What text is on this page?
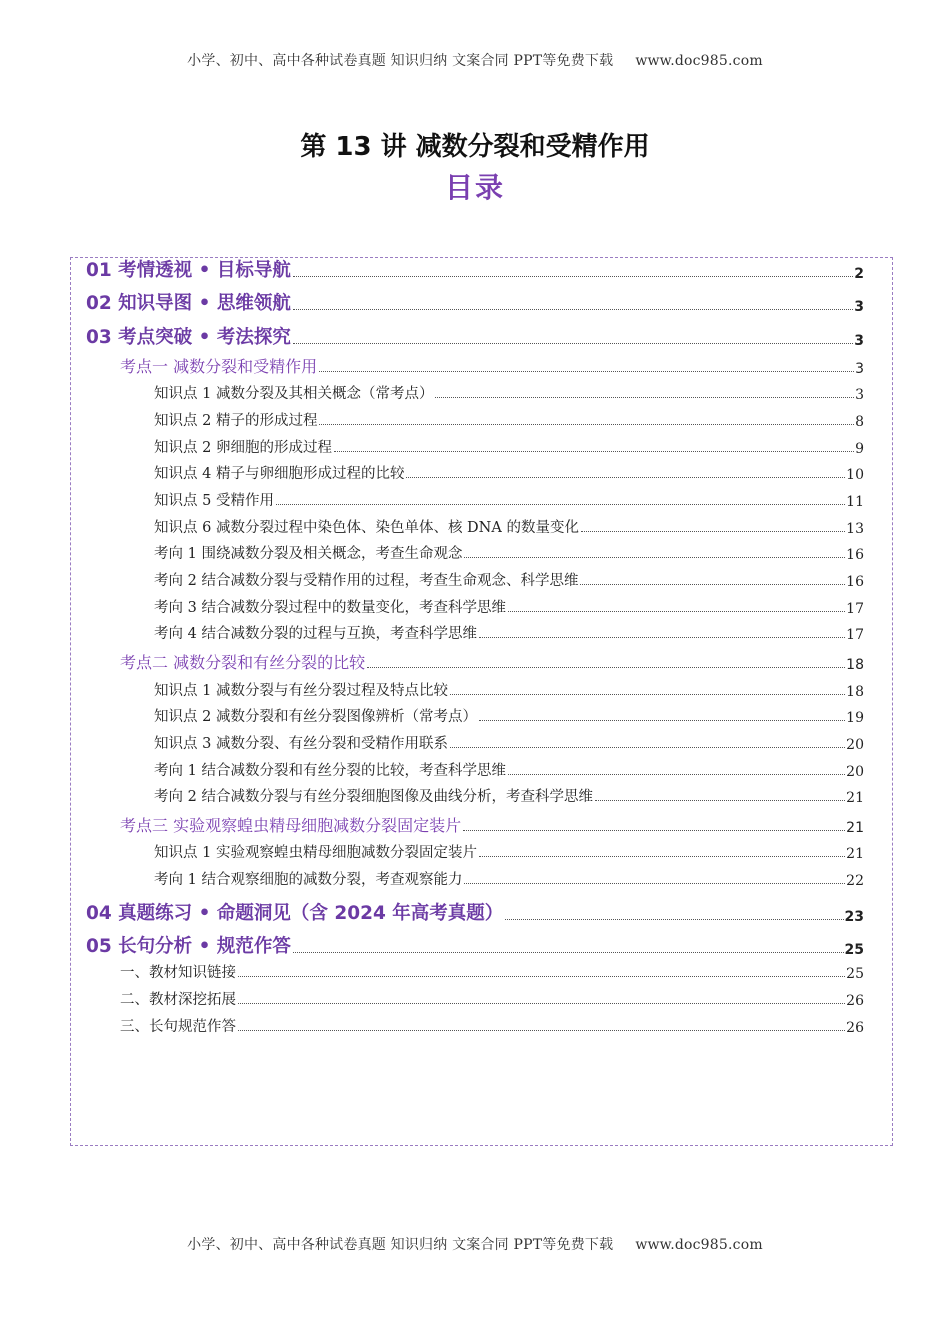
小学、初中、高中各种试卷真题 知识归纳 文案合同 PPT等免费下载 www.doc985.com
第 13 讲 减数分裂和受精作用
目录
01 考情透视 • 目标导航	2
02 知识导图 • 思维领航	3
03 考点突破 • 考法探究	3
考点一 减数分裂和受精作用	3
知识点 1 减数分裂及其相关概念（常考点）	3
知识点 2 精子的形成过程	8
知识点 2 卵细胞的形成过程	9
知识点 4 精子与卵细胞形成过程的比较	10
知识点 5 受精作用	11
知识点 6 减数分裂过程中染色体、染色单体、核 DNA 的数量变化	13
考向 1 围绕减数分裂及相关概念，考查生命观念	16
考向 2 结合减数分裂与受精作用的过程，考查生命观念、科学思维	16
考向 3 结合减数分裂过程中的数量变化，考查科学思维	17
考向 4 结合减数分裂的过程与互换，考查科学思维	17
考点二 减数分裂和有丝分裂的比较	18
知识点 1 减数分裂与有丝分裂过程及特点比较	18
知识点 2 减数分裂和有丝分裂图像辨析（常考点）	19
知识点 3 减数分裂、有丝分裂和受精作用联系	20
考向 1 结合减数分裂和有丝分裂的比较，考查科学思维	20
考向 2 结合减数分裂与有丝分裂细胞图像及曲线分析，考查科学思维	21
考点三 实验观察蝗虫精母细胞减数分裂固定装片	21
知识点 1 实验观察蝗虫精母细胞减数分裂固定装片	21
考向 1 结合观察细胞的减数分裂，考查观察能力	22
04 真题练习 • 命题洞见（含 2024 年高考真题）	23
05 长句分析 • 规范作答	25
一、教材知识链接	25
二、教材深挖拓展	26
三、长句规范作答	26
小学、初中、高中各种试卷真题 知识归纳 文案合同 PPT等免费下载 www.doc985.com
